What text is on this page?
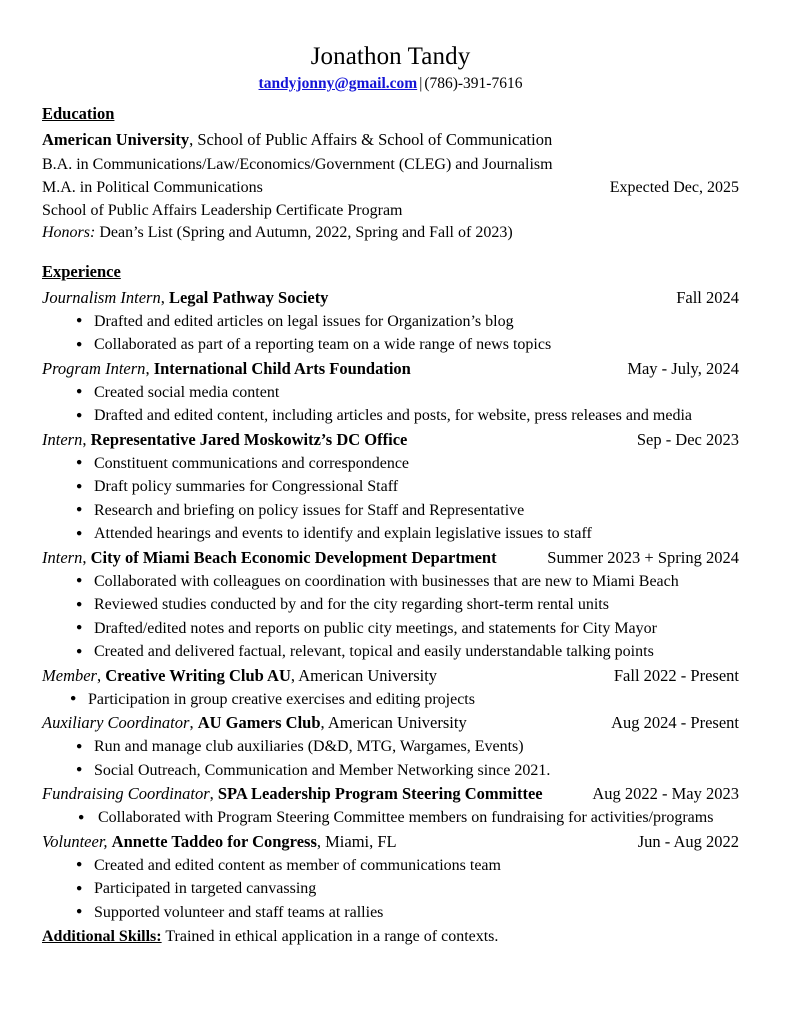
Jonathon Tandy
tandyjonny@gmail.com | (786)-391-7616
Education
American University, School of Public Affairs & School of Communication
B.A. in Communications/Law/Economics/Government (CLEG) and Journalism
M.A. in Political Communications	Expected Dec, 2025
School of Public Affairs Leadership Certificate Program
Honors: Dean’s List (Spring and Autumn, 2022, Spring and Fall of 2023)
Experience
Journalism Intern, Legal Pathway Society	Fall 2024
● Drafted and edited articles on legal issues for Organization’s blog
● Collaborated as part of a reporting team on a wide range of news topics
Program Intern, International Child Arts Foundation	May - July, 2024
● Created social media content
● Drafted and edited content, including articles and posts, for website, press releases and media
Intern, Representative Jared Moskowitz’s DC Office	Sep - Dec 2023
● Constituent communications and correspondence
● Draft policy summaries for Congressional Staff
● Research and briefing on policy issues for Staff and Representative
● Attended hearings and events to identify and explain legislative issues to staff
Intern, City of Miami Beach Economic Development Department	Summer 2023 + Spring 2024
● Collaborated with colleagues on coordination with businesses that are new to Miami Beach
● Reviewed studies conducted by and for the city regarding short-term rental units
● Drafted/edited notes and reports on public city meetings, and statements for City Mayor
● Created and delivered factual, relevant, topical and easily understandable talking points
Member, Creative Writing Club AU, American University	Fall 2022 - Present
● Participation in group creative exercises and editing projects
Auxiliary Coordinator, AU Gamers Club, American University	Aug 2024 - Present
● Run and manage club auxiliaries (D&D, MTG, Wargames, Events)
● Social Outreach, Communication and Member Networking since 2021.
Fundraising Coordinator, SPA Leadership Program Steering Committee	Aug 2022 - May 2023
● Collaborated with Program Steering Committee members on fundraising for activities/programs
Volunteer, Annette Taddeo for Congress, Miami, FL	Jun - Aug 2022
● Created and edited content as member of communications team
● Participated in targeted canvassing
● Supported volunteer and staff teams at rallies
Additional Skills: Trained in ethical application in a range of contexts.
